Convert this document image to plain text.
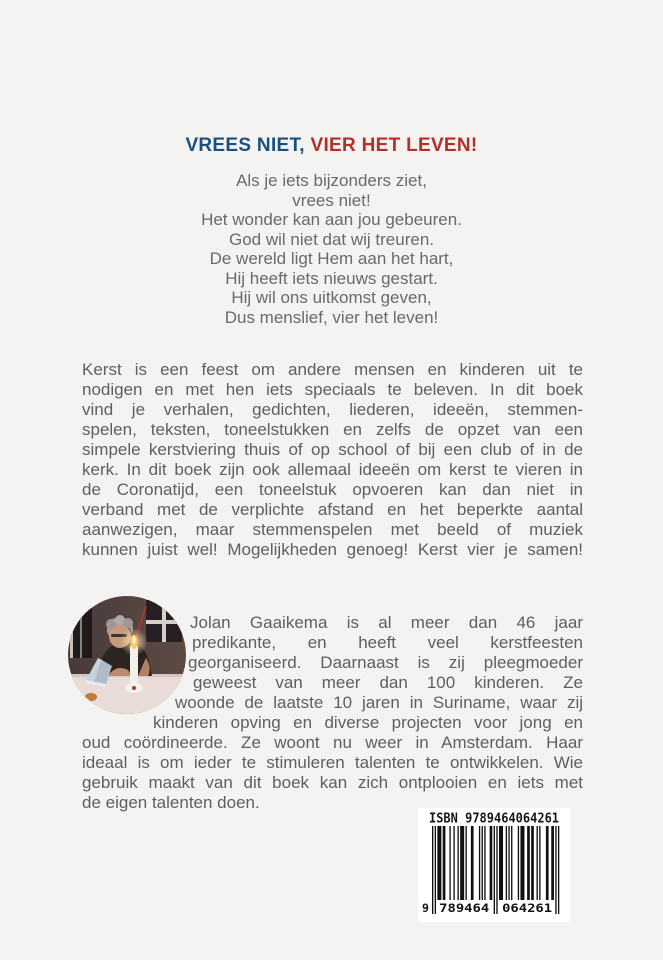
VREES NIET, VIER HET LEVEN!
Als je iets bijzonders ziet,
vrees niet!
Het wonder kan aan jou gebeuren.
God wil niet dat wij treuren.
De wereld ligt Hem aan het hart,
Hij heeft iets nieuws gestart.
Hij wil ons uitkomst geven,
Dus menslief, vier het leven!
Kerst is een feest om andere mensen en kinderen uit te
nodigen en met hen iets speciaals te beleven. In dit boek
vind je verhalen, gedichten, liederen, ideeën, stemmen-
spelen, teksten, toneelstukken en zelfs de opzet van een
simpele kerstviering thuis of op school of bij een club of in de
kerk. In dit boek zijn ook allemaal ideeën om kerst te vieren in
de Coronatijd, een toneelstuk opvoeren kan dan niet in
verband met de verplichte afstand en het beperkte aantal
aanwezigen, maar stemmenspelen met beeld of muziek
kunnen juist wel! Mogelijkheden genoeg! Kerst vier je samen!
Jolan Gaaikema is al meer dan 46 jaar
predikante, en heeft veel kerstfeesten
georganiseerd. Daarnaast is zij pleegmoeder
geweest van meer dan 100 kinderen. Ze
woonde de laatste 10 jaren in Suriname, waar zij
kinderen opving en diverse projecten voor jong en
oud coördineerde. Ze woont nu weer in Amsterdam. Haar
ideaal is om ieder te stimuleren talenten te ontwikkelen. Wie
gebruik maakt van dit boek kan zich ontplooien en iets met
de eigen talenten doen.
ISBN 9789464064261
9 789464 064261
